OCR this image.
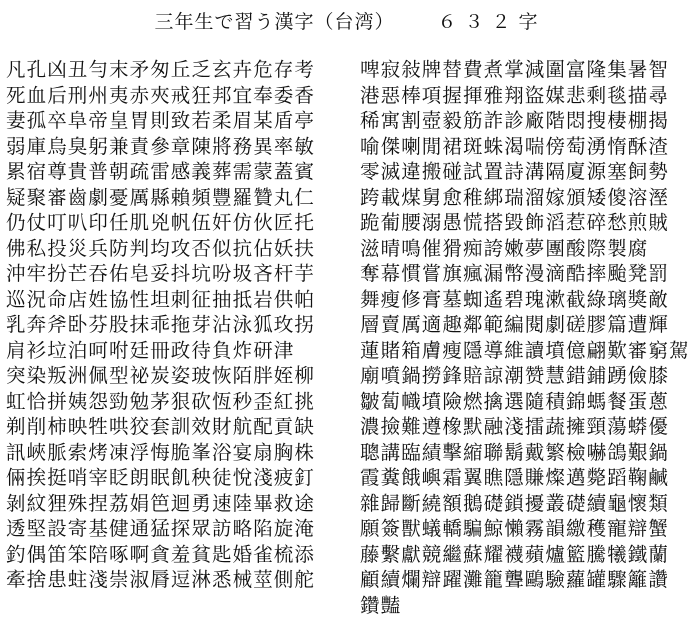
三年生で習う漢字（台湾） ６３２字
凡孔凶丑勻末矛匆丘乏玄卉危存考
死血后刑州夷赤夾戒狂邦宜奉委香
妻孤卒阜帝皇胃則致若柔眉某盾亭
弱庫烏臭躬兼責參章陳將務異率敏
累宿尊貴普朝疏雷感義葬需蒙蓋賓
疑聚審齒劇憂厲縣賴頻豐羅贊丸仁
仍仗叮叭印任肌兇帆伍奸仿伙匠托
佛私投災兵防判均攻否似抗佔妖扶
沖牢扮芒吞佑皂妥抖坑吩圾吝杆芋
巡況命店姓協性坦刺征抽抵岩供帕
乳奔斧卧芬股抹乖拖芽沾泳狐玫拐
肩衫垃泊呵咐廷冊政待負炸研津
突染叛洲佩型祕炭姿玻恢陌胖姪柳
虹恰拼姨怨勁勉茅狠砍恆秒歪紅挑
剃削柿映牲哄狡套訓效財航配貢缺
訊峽脈索烤凍浮悔脆峯浴宴扇胸株
倆挨挺哨宰眨朗眠飢秧徒悅淺疲釘
剝紋狸殊捏荔娟笆迴勇速陸畢救途
透堅設寄基健通猛探眾訪略陷旋淹
釣偶笛笨陪啄啊貪羞貧匙婚雀梳添
牽捨患蛀淺崇淑脣逗淋悉械莖側舵
啤寂敍牌替費煮掌減圍富隆集暑智
港惡棒項握揮雅翔盜媒悲剩毯描尋
稀寓割壺毅筋詐診廠階悶搜棲棚揭
喻傑喇閒裙斑蛛渴喘傍萄湧惰酥渣
零滅違搬碰試置詩溝隔廈源塞飼勢
跨載煤舅愈稚綁瑞溜嫁頒矮傻溶溼
跪葡腰溺愚慌搭毀飾滔惹碎愁煎賊
滋晴鳴催猾痴誇嫩夢團酸際製腐
奪幕慣嘗旗瘋漏幣漫滴酷摔颱凳罰
舞瘦修膏墓蜘遙碧瑰漱截綠璃獎敵
層賣厲適趣鄰範編閱劇磋膠篇遭輝
蓮賭箱膚瘦隱導維讀墳億翩歎審窮駕
廟噴鍋撈鋒賠諒潮赞慧錯鋪踴儉膝
皺蔔幟墳險燃擒選隨積錦螞餐蛋蔥
濃撿難遵橡默融淺擂蔬擁頸蕩蟒優
聰講臨績擊縮聯鬍戴繁檢嚇鴿艱鍋
霞糞餓嶼霜翼瞧隱賺燦邁斃蹈鞠鹹
雜歸斷繞額鵝礎鎖擾叢礎續龜懷類
願簽獸蟻轎騙鯨懶霧韻繳穫寵辯蟹
藤繫獻競繼蘇耀襪蘋爐籃騰犧鐵蘭
顧續爛辯躍灘籠聾鷗驗蘿罐驟籬讚
鑽豔
